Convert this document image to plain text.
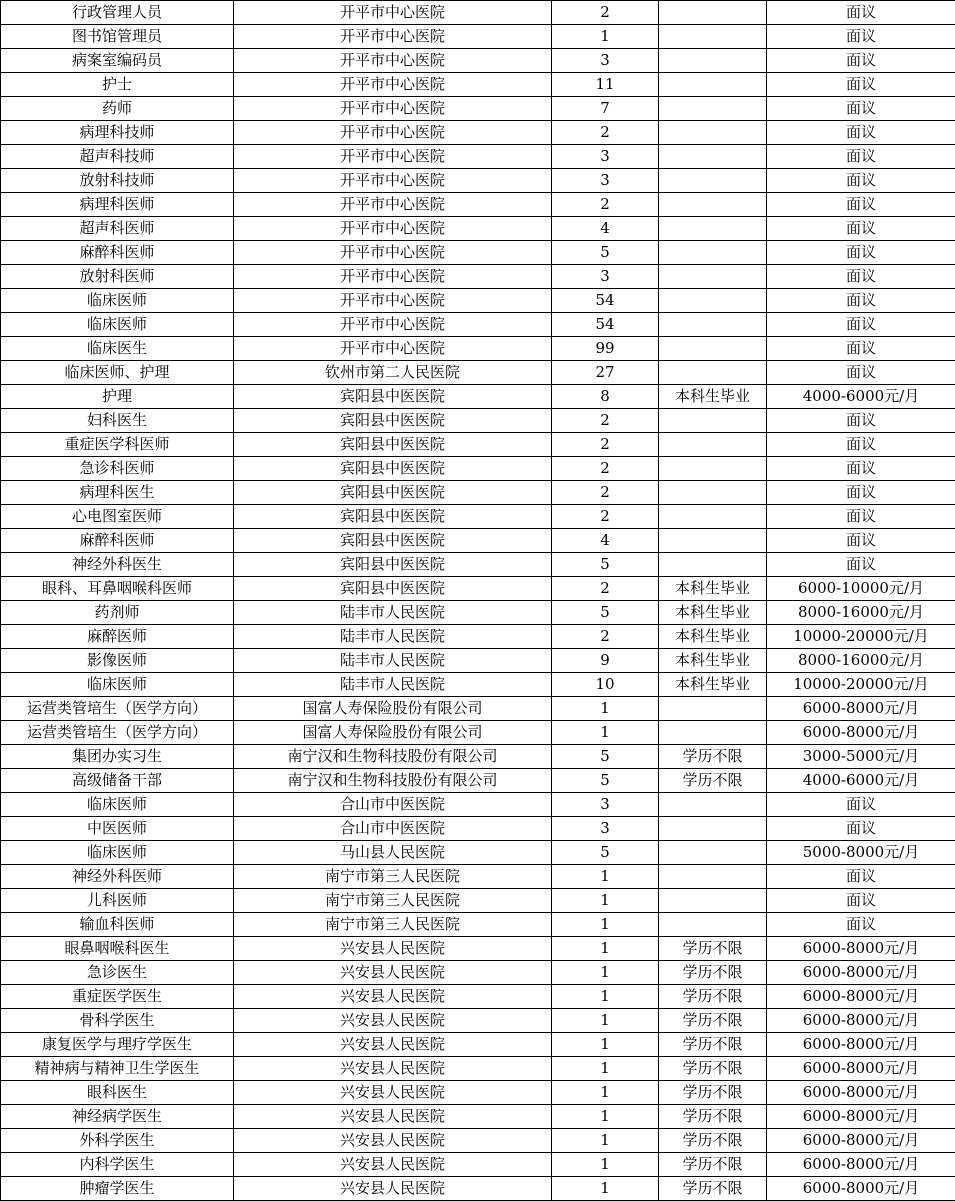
行政管理人员	开平市中心医院	2		面议
图书馆管理员	开平市中心医院	1		面议
病案室编码员	开平市中心医院	3		面议
护士	开平市中心医院	11		面议
药师	开平市中心医院	7		面议
病理科技师	开平市中心医院	2		面议
超声科技师	开平市中心医院	3		面议
放射科技师	开平市中心医院	3		面议
病理科医师	开平市中心医院	2		面议
超声科医师	开平市中心医院	4		面议
麻醉科医师	开平市中心医院	5		面议
放射科医师	开平市中心医院	3		面议
临床医师	开平市中心医院	54		面议
临床医师	开平市中心医院	54		面议
临床医生	开平市中心医院	99		面议
临床医师、护理	钦州市第二人民医院	27		面议
护理	宾阳县中医医院	8	本科生毕业	4000-6000元/月
妇科医生	宾阳县中医医院	2		面议
重症医学科医师	宾阳县中医医院	2		面议
急诊科医师	宾阳县中医医院	2		面议
病理科医生	宾阳县中医医院	2		面议
心电图室医师	宾阳县中医医院	2		面议
麻醉科医师	宾阳县中医医院	4		面议
神经外科医生	宾阳县中医医院	5		面议
眼科、耳鼻咽喉科医师	宾阳县中医医院	2	本科生毕业	6000-10000元/月
药剂师	陆丰市人民医院	5	本科生毕业	8000-16000元/月
麻醉医师	陆丰市人民医院	2	本科生毕业	10000-20000元/月
影像医师	陆丰市人民医院	9	本科生毕业	8000-16000元/月
临床医师	陆丰市人民医院	10	本科生毕业	10000-20000元/月
运营类管培生（医学方向）	国富人寿保险股份有限公司	1		6000-8000元/月
运营类管培生（医学方向）	国富人寿保险股份有限公司	1		6000-8000元/月
集团办实习生	南宁汉和生物科技股份有限公司	5	学历不限	3000-5000元/月
高级储备干部	南宁汉和生物科技股份有限公司	5	学历不限	4000-6000元/月
临床医师	合山市中医医院	3		面议
中医医师	合山市中医医院	3		面议
临床医师	马山县人民医院	5		5000-8000元/月
神经外科医师	南宁市第三人民医院	1		面议
儿科医师	南宁市第三人民医院	1		面议
输血科医师	南宁市第三人民医院	1		面议
眼鼻咽喉科医生	兴安县人民医院	1	学历不限	6000-8000元/月
急诊医生	兴安县人民医院	1	学历不限	6000-8000元/月
重症医学医生	兴安县人民医院	1	学历不限	6000-8000元/月
骨科学医生	兴安县人民医院	1	学历不限	6000-8000元/月
康复医学与理疗学医生	兴安县人民医院	1	学历不限	6000-8000元/月
精神病与精神卫生学医生	兴安县人民医院	1	学历不限	6000-8000元/月
眼科医生	兴安县人民医院	1	学历不限	6000-8000元/月
神经病学医生	兴安县人民医院	1	学历不限	6000-8000元/月
外科学医生	兴安县人民医院	1	学历不限	6000-8000元/月
内科学医生	兴安县人民医院	1	学历不限	6000-8000元/月
肿瘤学医生	兴安县人民医院	1	学历不限	6000-8000元/月
